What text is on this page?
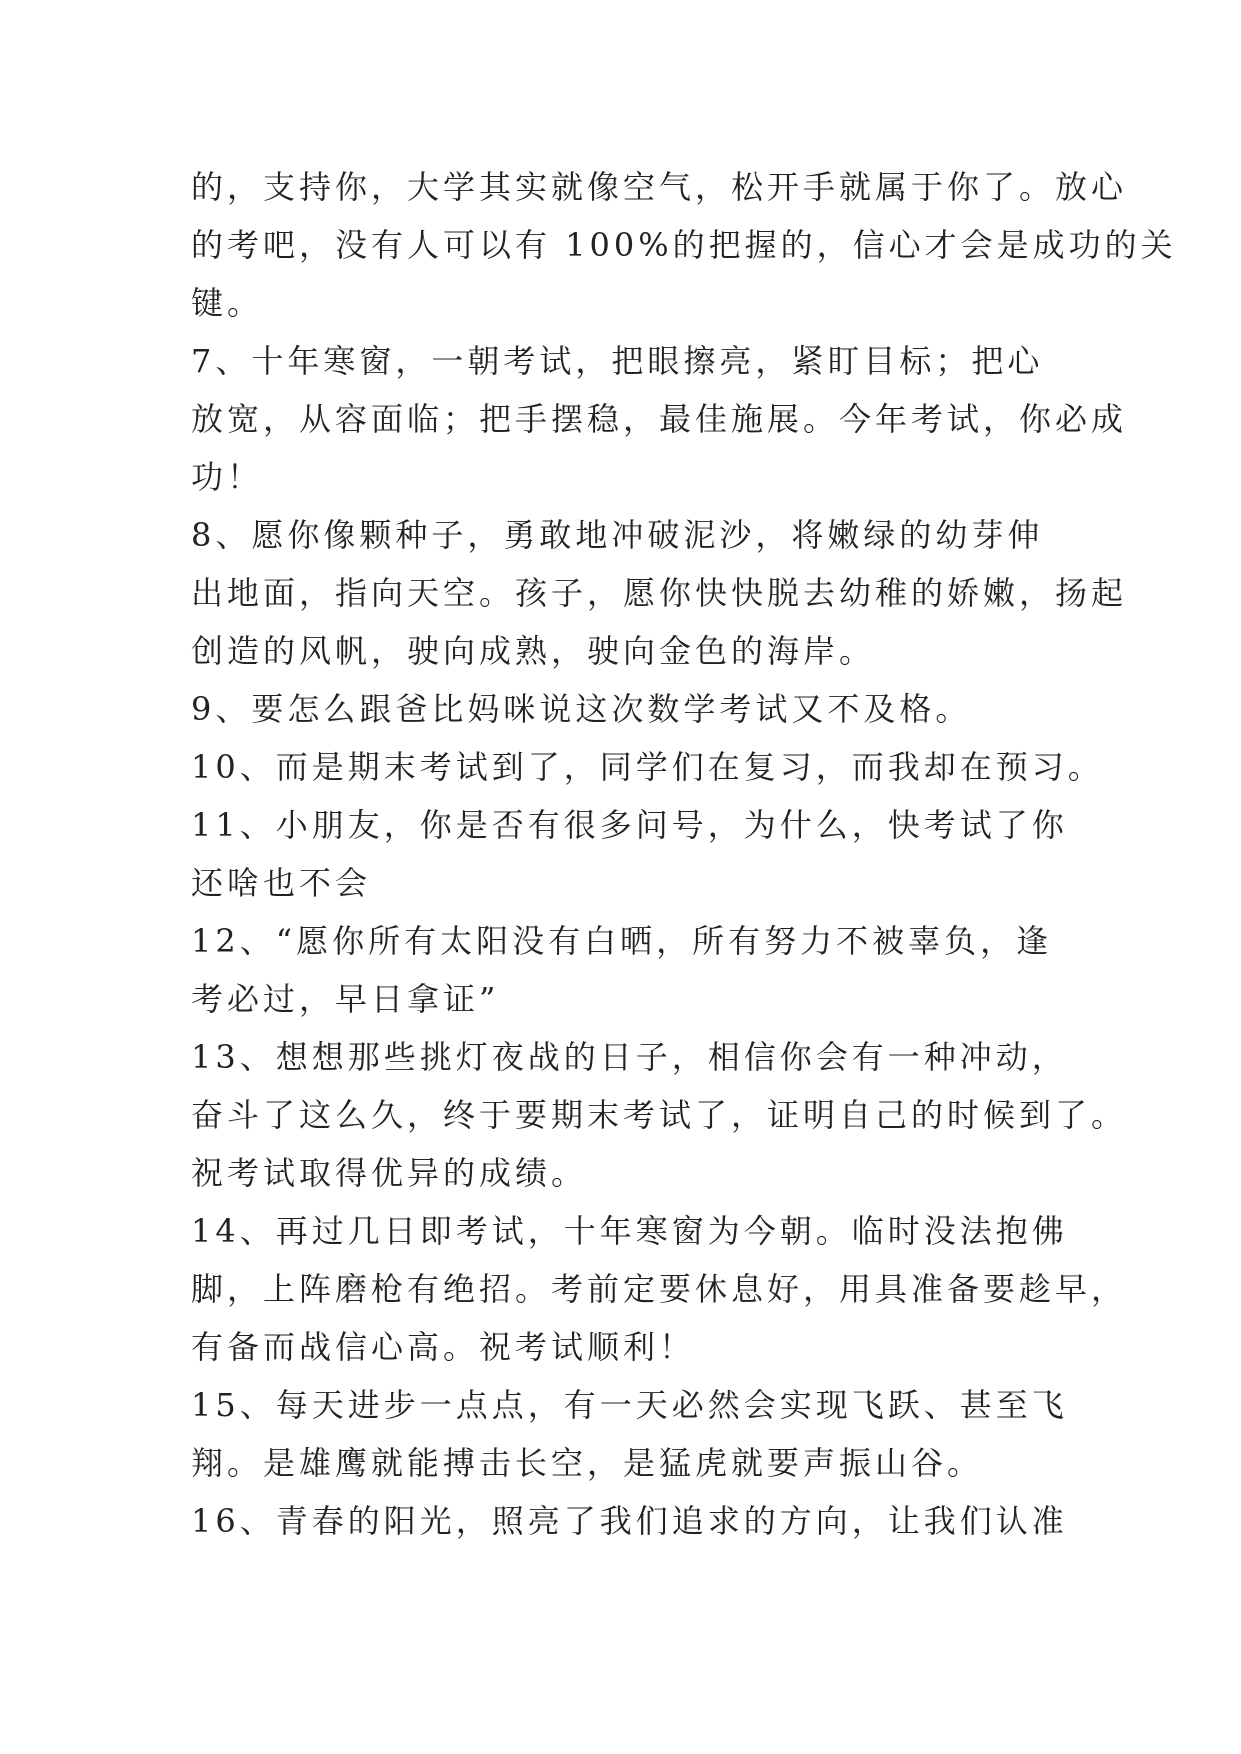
的，支持你，大学其实就像空气，松开手就属于你了。放心
的考吧，没有人可以有 100%的把握的，信心才会是成功的关
键。
7、十年寒窗，一朝考试，把眼擦亮，紧盯目标；把心
放宽，从容面临；把手摆稳，最佳施展。今年考试，你必成
功！
8、愿你像颗种子，勇敢地冲破泥沙，将嫩绿的幼芽伸
出地面，指向天空。孩子，愿你快快脱去幼稚的娇嫩，扬起
创造的风帆，驶向成熟，驶向金色的海岸。
9、要怎么跟爸比妈咪说这次数学考试又不及格。
10、而是期末考试到了，同学们在复习，而我却在预习。
11、小朋友，你是否有很多问号，为什么，快考试了你
还啥也不会
12、“愿你所有太阳没有白晒，所有努力不被辜负，逢
考必过，早日拿证”
13、想想那些挑灯夜战的日子，相信你会有一种冲动，
奋斗了这么久，终于要期末考试了，证明自己的时候到了。
祝考试取得优异的成绩。
14、再过几日即考试，十年寒窗为今朝。临时没法抱佛
脚，上阵磨枪有绝招。考前定要休息好，用具准备要趁早，
有备而战信心高。祝考试顺利！
15、每天进步一点点，有一天必然会实现飞跃、甚至飞
翔。是雄鹰就能搏击长空，是猛虎就要声振山谷。
16、青春的阳光，照亮了我们追求的方向，让我们认准
